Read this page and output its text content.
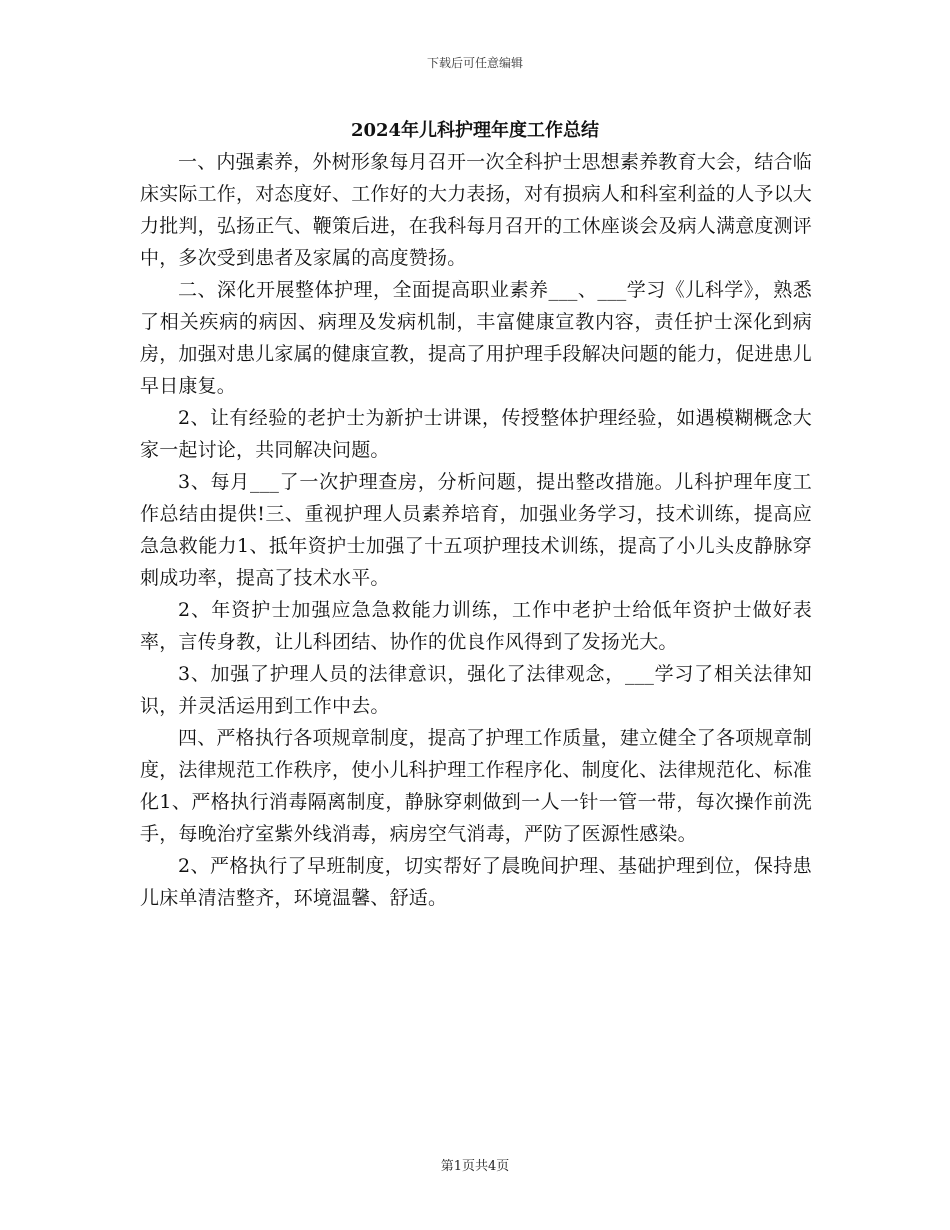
下载后可任意编辑
2024年儿科护理年度工作总结

一、内强素养，外树形象每月召开一次全科护士思想素养教育大会，结合临床实际工作，对态度好、工作好的大力表扬，对有损病人和科室利益的人予以大力批判，弘扬正气、鞭策后进，在我科每月召开的工休座谈会及病人满意度测评中，多次受到患者及家属的高度赞扬。

二、深化开展整体护理，全面提高职业素养___、___学习《儿科学》，熟悉了相关疾病的病因、病理及发病机制，丰富健康宣教内容，责任护士深化到病房，加强对患儿家属的健康宣教，提高了用护理手段解决问题的能力，促进患儿早日康复。

2、让有经验的老护士为新护士讲课，传授整体护理经验，如遇模糊概念大家一起讨论，共同解决问题。

3、每月___了一次护理查房，分析问题，提出整改措施。儿科护理年度工作总结由提供!三、重视护理人员素养培育，加强业务学习，技术训练，提高应急急救能力1、抵年资护士加强了十五项护理技术训练，提高了小儿头皮静脉穿刺成功率，提高了技术水平。

2、年资护士加强应急急救能力训练，工作中老护士给低年资护士做好表率，言传身教，让儿科团结、协作的优良作风得到了发扬光大。

3、加强了护理人员的法律意识，强化了法律观念，___学习了相关法律知识，并灵活运用到工作中去。

四、严格执行各项规章制度，提高了护理工作质量，建立健全了各项规章制度，法律规范工作秩序，使小儿科护理工作程序化、制度化、法律规范化、标准化1、严格执行消毒隔离制度，静脉穿刺做到一人一针一管一带，每次操作前洗手，每晚治疗室紫外线消毒，病房空气消毒，严防了医源性感染。

2、严格执行了早班制度，切实帮好了晨晚间护理、基础护理到位，保持患儿床单清洁整齐，环境温馨、舒适。

第1页共4页
